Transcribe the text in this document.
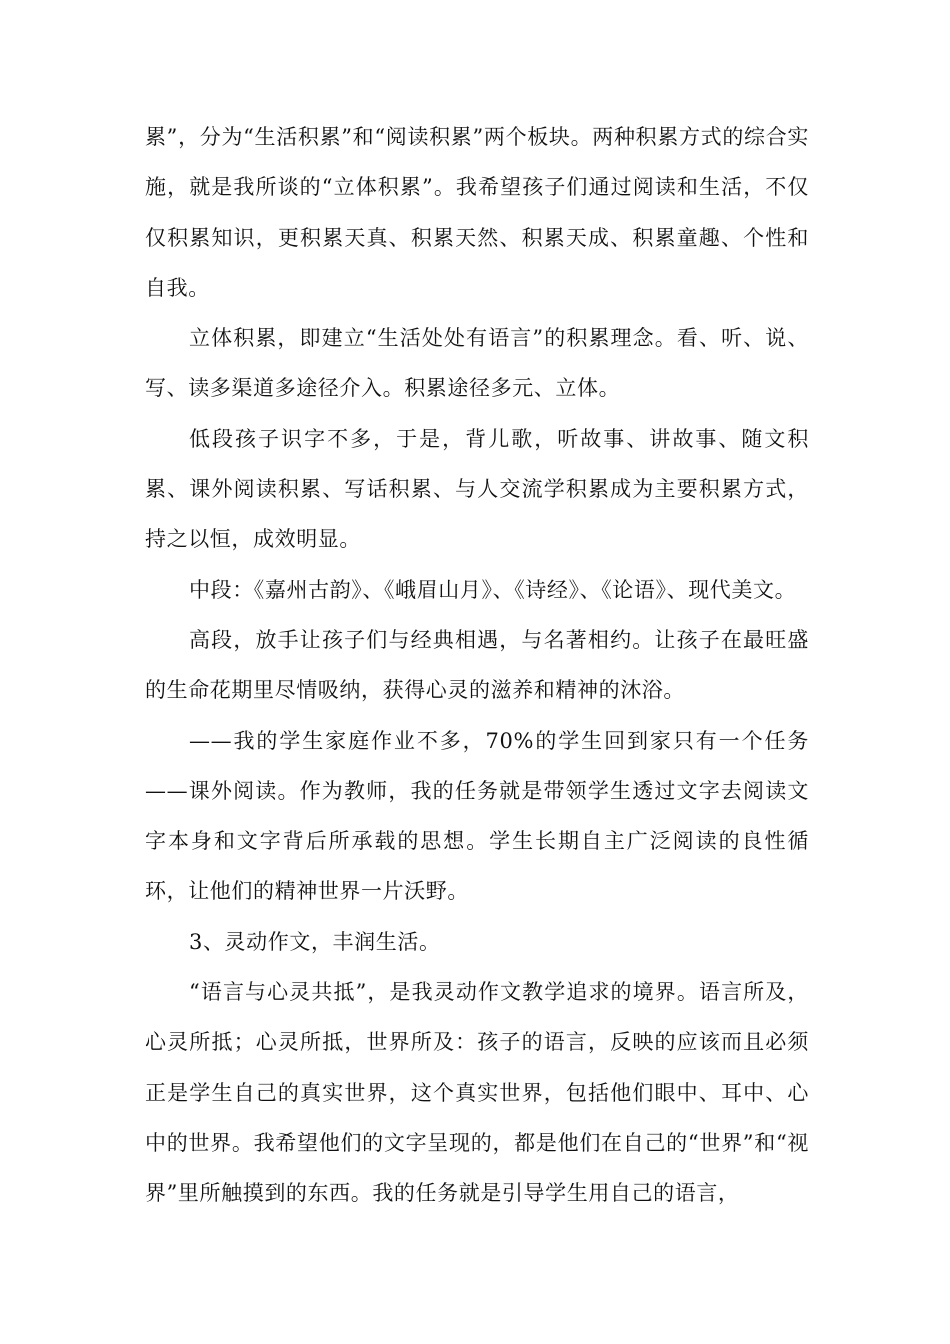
累”，分为“生活积累”和“阅读积累”两个板块。两种积累方式的综合实施，就是我所谈的“立体积累”。我希望孩子们通过阅读和生活，不仅仅积累知识，更积累天真、积累天然、积累天成、积累童趣、个性和自我。

立体积累，即建立“生活处处有语言”的积累理念。看、听、说、写、读多渠道多途径介入。积累途径多元、立体。

低段孩子识字不多，于是，背儿歌，听故事、讲故事、随文积累、课外阅读积累、写话积累、与人交流学积累成为主要积累方式，持之以恒，成效明显。

中段：《嘉州古韵》、《峨眉山月》、《诗经》、《论语》、现代美文。

高段，放手让孩子们与经典相遇，与名著相约。让孩子在最旺盛的生命花期里尽情吸纳，获得心灵的滋养和精神的沐浴。

——我的学生家庭作业不多，70%的学生回到家只有一个任务——课外阅读。作为教师，我的任务就是带领学生透过文字去阅读文字本身和文字背后所承载的思想。学生长期自主广泛阅读的良性循环，让他们的精神世界一片沃野。

3、灵动作文，丰润生活。

“语言与心灵共抵”，是我灵动作文教学追求的境界。语言所及，心灵所抵；心灵所抵，世界所及：孩子的语言，反映的应该而且必须正是学生自己的真实世界，这个真实世界，包括他们眼中、耳中、心中的世界。我希望他们的文字呈现的，都是他们在自己的“世界”和“视界”里所触摸到的东西。我的任务就是引导学生用自己的语言，
